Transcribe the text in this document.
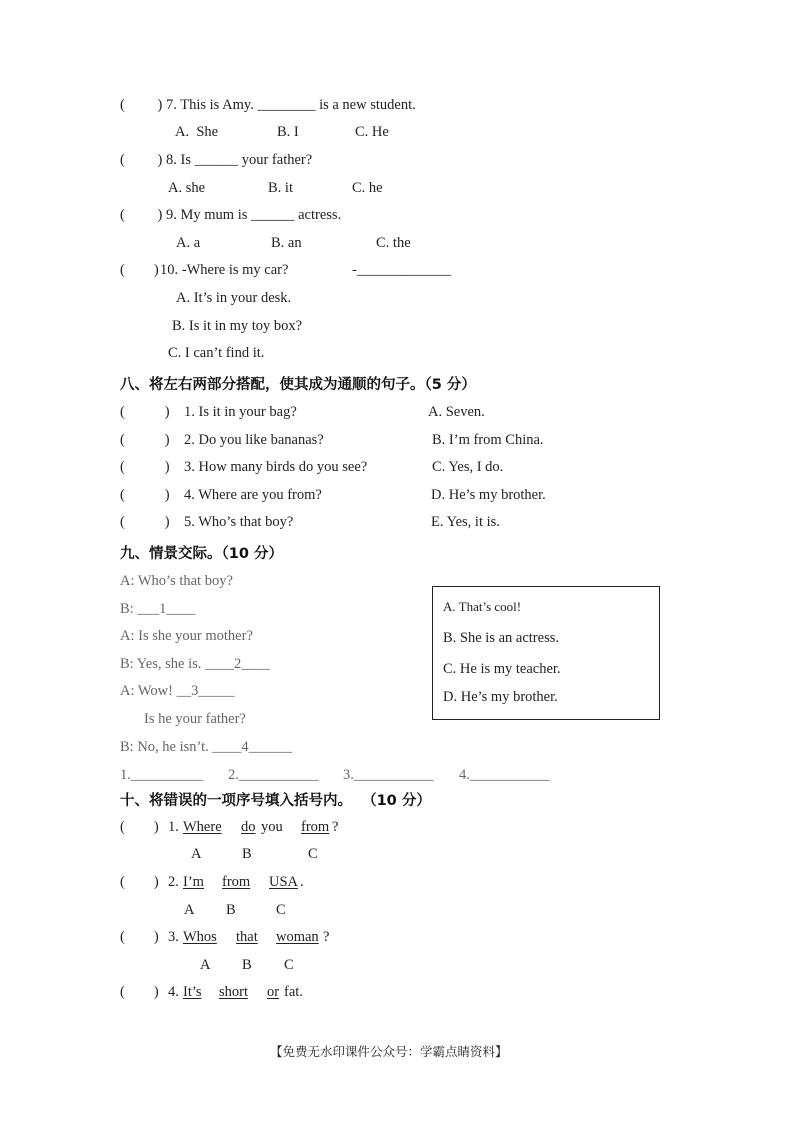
(         ) 7. This is Amy. ________ is a new student.
A.  She	B. I	C. He
(         ) 8. Is ______ your father?
A. she	B. it	C. he
(         ) 9. My mum is ______ actress.
A. a	B. an	C. the
(        ) 10. -Where is my car?	-_____________
A. It’s in your desk.
B. Is it in my toy box?
C. I can’t find it.
八、将左右两部分搭配，使其成为通顺的句子。（5 分）
(           ) 1. Is it in your bag?	A. Seven.
(           ) 2. Do you like bananas?	B. I’m from China.
(           ) 3. How many birds do you see?	C. Yes, I do.
(           ) 4. Where are you from?	D. He’s my brother.
(           ) 5. Who’s that boy?	E. Yes, it is.
九、情景交际。（10 分）
A: Who’s that boy?
B: ___1____
A: Is she your mother?
B: Yes, she is. ____2____
A: Wow! __3_____
Is he your father?
B: No, he isn’t. ____4______
A. That’s cool!
B. She is an actress.
C. He is my teacher.
D. He’s my brother.
1.__________ 2.___________ 3.___________ 4.___________
十、将错误的一项序号填入括号内。  （10 分）
(        ) 1. Where do you from ?
A	B	C
(        ) 2. I’m from USA .
A B	C
(        ) 3. Whos that woman ?
A B C
(        ) 4. It’s short or fat.
【免费无水印课件公众号：学霸点睛资料】
